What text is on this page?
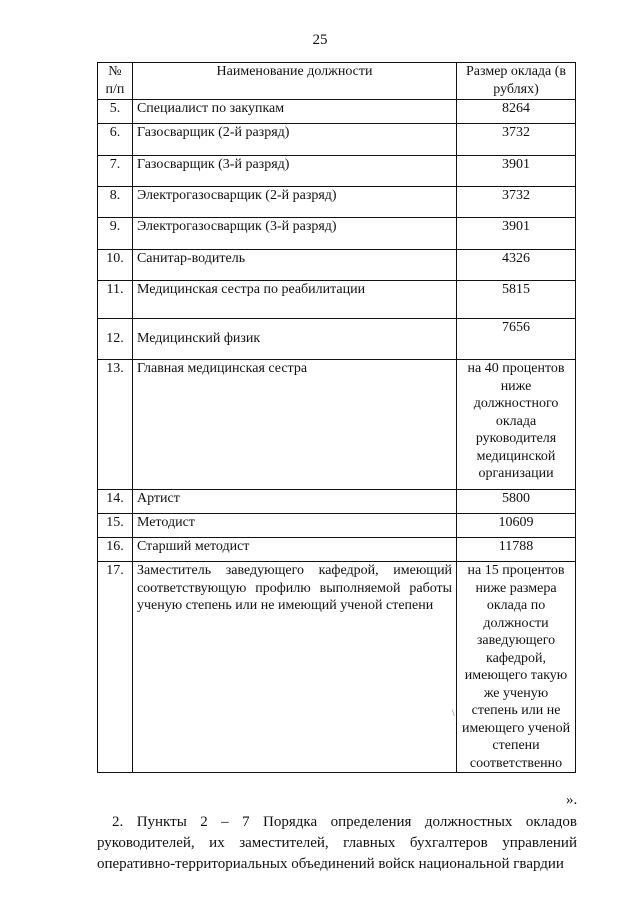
25
№ п/п	Наименование должности	Размер оклада (в рублях)
5.	Специалист по закупкам	8264
6.	Газосварщик (2-й разряд)	3732
7.	Газосварщик (3-й разряд)	3901
8.	Электрогазосварщик (2-й разряд)	3732
9.	Электрогазосварщик (3-й разряд)	3901
10.	Санитар-водитель	4326
11.	Медицинская сестра по реабилитации	5815
12.	Медицинский физик	7656
13.	Главная медицинская сестра	на 40 процентов ниже должностного оклада руководителя медицинской организации
14.	Артист	5800
15.	Методист	10609
16.	Старший методист	11788
17.	Заместитель заведующего кафедрой, имеющий соответствующую профилю выполняемой работы ученую степень или не имеющий ученой степени	на 15 процентов ниже размера оклада по должности заведующего кафедрой, имеющего такую же ученую степень или не имеющего ученой степени соответственно
\
».
2. Пункты 2 – 7 Порядка определения должностных окладов руководителей, их заместителей, главных бухгалтеров управлений оперативно-территориальных объединений войск национальной гвардии
